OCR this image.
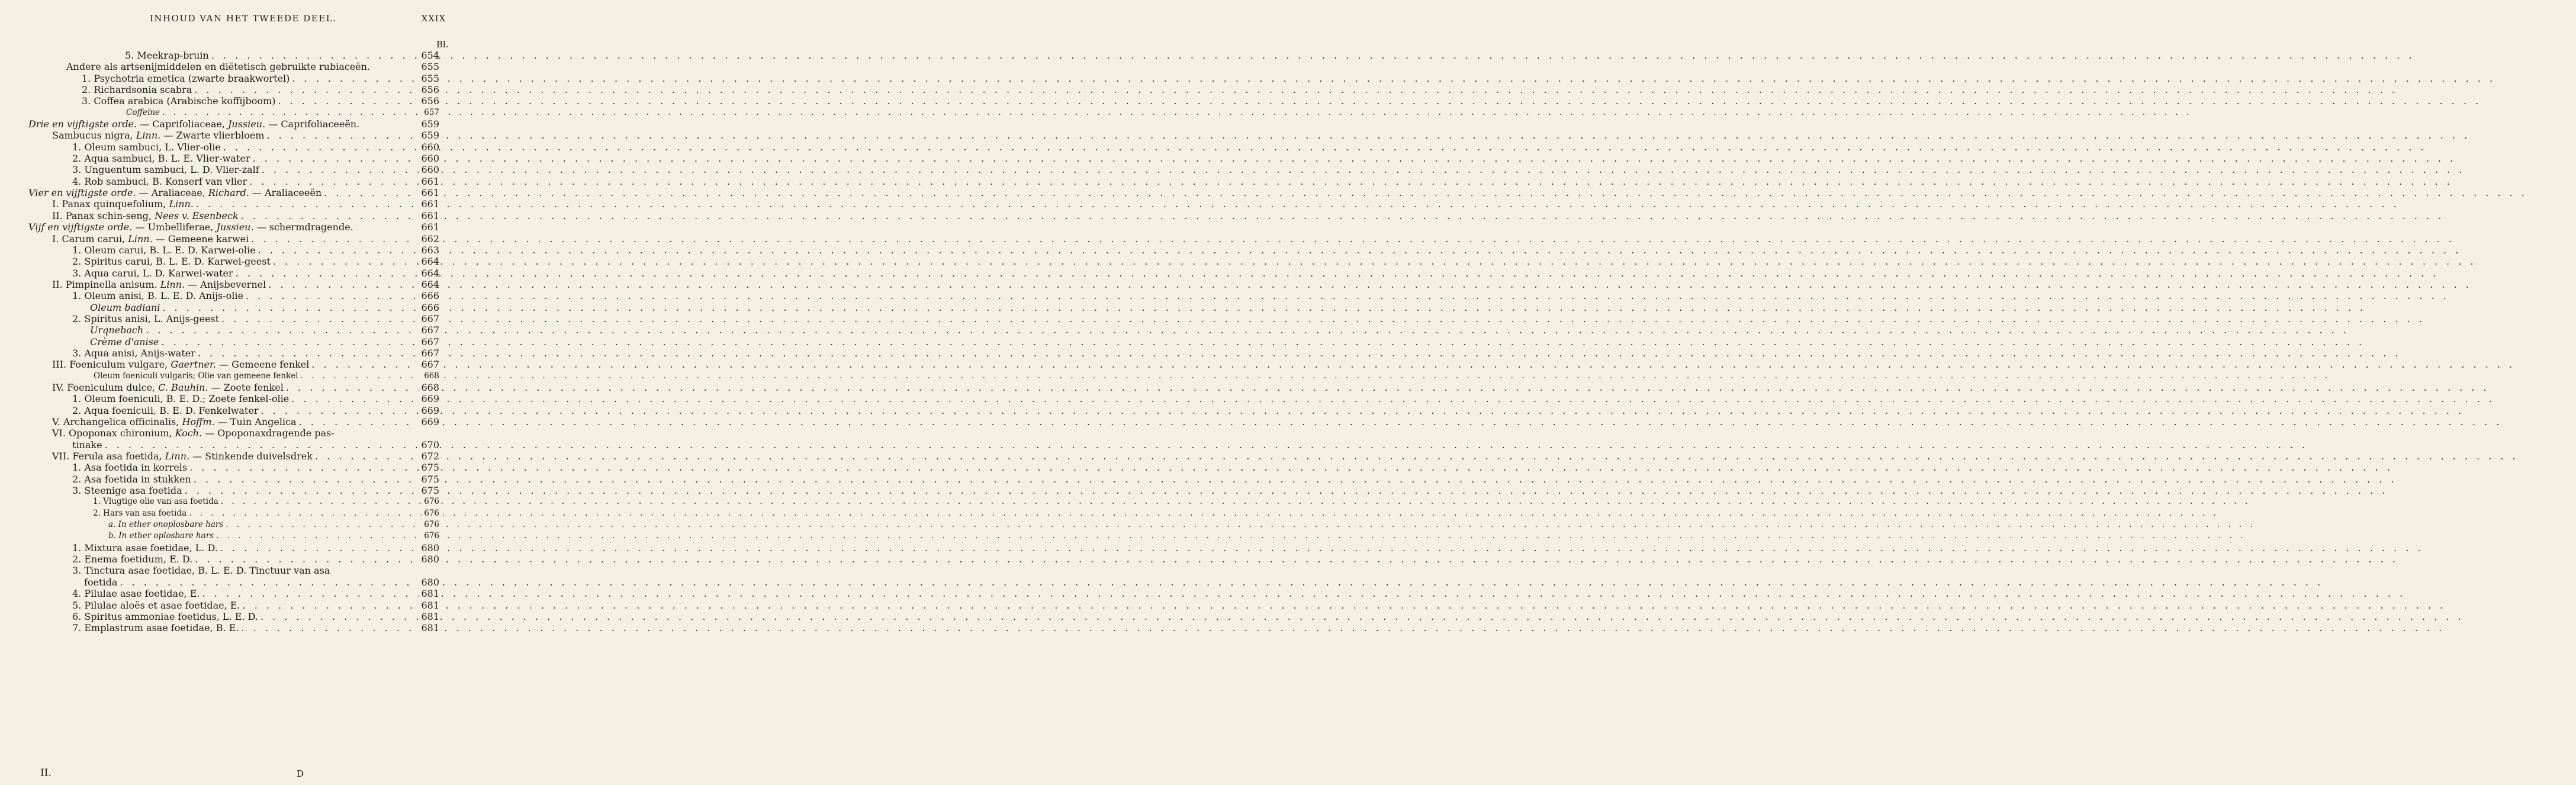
INHOUD VAN HET TWEEDE DEEL.	XXIX
Bl.
5. Meekrap-bruin . . .	654
Andere als artsenijmiddelen en diëtetisch gebruikte rubiaceën.	655
1. Psychotria emetica (zwarte braakwortel) . . .	655
2. Richardsonia scabra . . .	656
3. Coffea arabica (Arabische koffijboom) . . .	656
Coffeïne . . .	657
Drie en vijftigste orde. — Caprifoliaceae, Jussieu. — Caprifoliaceeën.	659
Sambucus nigra, Linn. — Zwarte vlierbloem . . .	659
1. Oleum sambuci, L. Vlier-olie . . .	660
2. Aqua sambuci, B. L. E. Vlier-water . . .	660
3. Unguentum sambuci, L. D. Vlier-zalf . . .	660
4. Rob sambuci, B. Konserf van vlier . . .	661
Vier en vijftigste orde. — Araliaceae, Richard. — Araliaceeën . . .	661
I. Panax quinquefolium, Linn. . . .	661
II. Panax schin-seng, Nees v. Esenbeck . . .	661
Vijf en vijftigste orde. — Umbelliferae, Jussieu. — schermdragende.	661
I. Carum carui, Linn. — Gemeene karwei . . .	662
1. Oleum carui, B. L. E. D. Karwei-olie . . .	663
2. Spiritus carui, B. L. E. D. Karwei-geest . . .	664
3. Aqua carui, L. D. Karwei-water . . .	664
II. Pimpinella anisum. Linn. — Anijsbevernel . . .	664
1. Oleum anisi, B. L. E. D. Anijs-olie . . .	666
Oleum badiani . . .	666
2. Spiritus anisi, L. Anijs-geest . . .	667
Urqnebach . . .	667
Crème d'anise . . .	667
3. Aqua anisi, Anijs-water . . .	667
III. Foeniculum vulgare, Gaertner. — Gemeene fenkel . . .	667
Oleum foeniculi vulgaris; Olie van gemeene fenkel . . .	668
IV. Foeniculum dulce, C. Bauhin. — Zoete fenkel . . .	668
1. Oleum foeniculi, B. E. D.; Zoete fenkel-olie . . .	669
2. Aqua foeniculi, B. E. D. Fenkelwater . . .	669
V. Archangelica officinalis, Hoffm. — Tuin Angelica . . .	669
VI. Opoponax chironium, Koch. — Opoponaxdragende pas-
tinake . . .	670
VII. Ferula asa foetida, Linn. — Stinkende duivelsdrek . . .	672
1. Asa foetida in korrels . . .	675
2. Asa foetida in stukken . . .	675
3. Steenige asa foetida . . .	675
1. Vlugtige olie van asa foetida . . .	676
2. Hars van asa foetida . . .	676
a. In ether onoplosbare hars . . .	676
b. In ether oplosbare hars . . .	676
1. Mixtura asae foetidae, L. D. . . .	680
2. Enema foetidum, E. D. . . .	680
3. Tinctura asae foetidae, B. L. E. D. Tinctuur van asa
foetida . . .	680
4. Pilulae asae foetidae, E. . . .	681
5. Pilulae aloës et asae foetidae, E. . . .	681
6. Spiritus ammoniae foetidus, L. E. D. . . .	681
7. Emplastrum asae foetidae, B. E. . . .	681
II.	D
